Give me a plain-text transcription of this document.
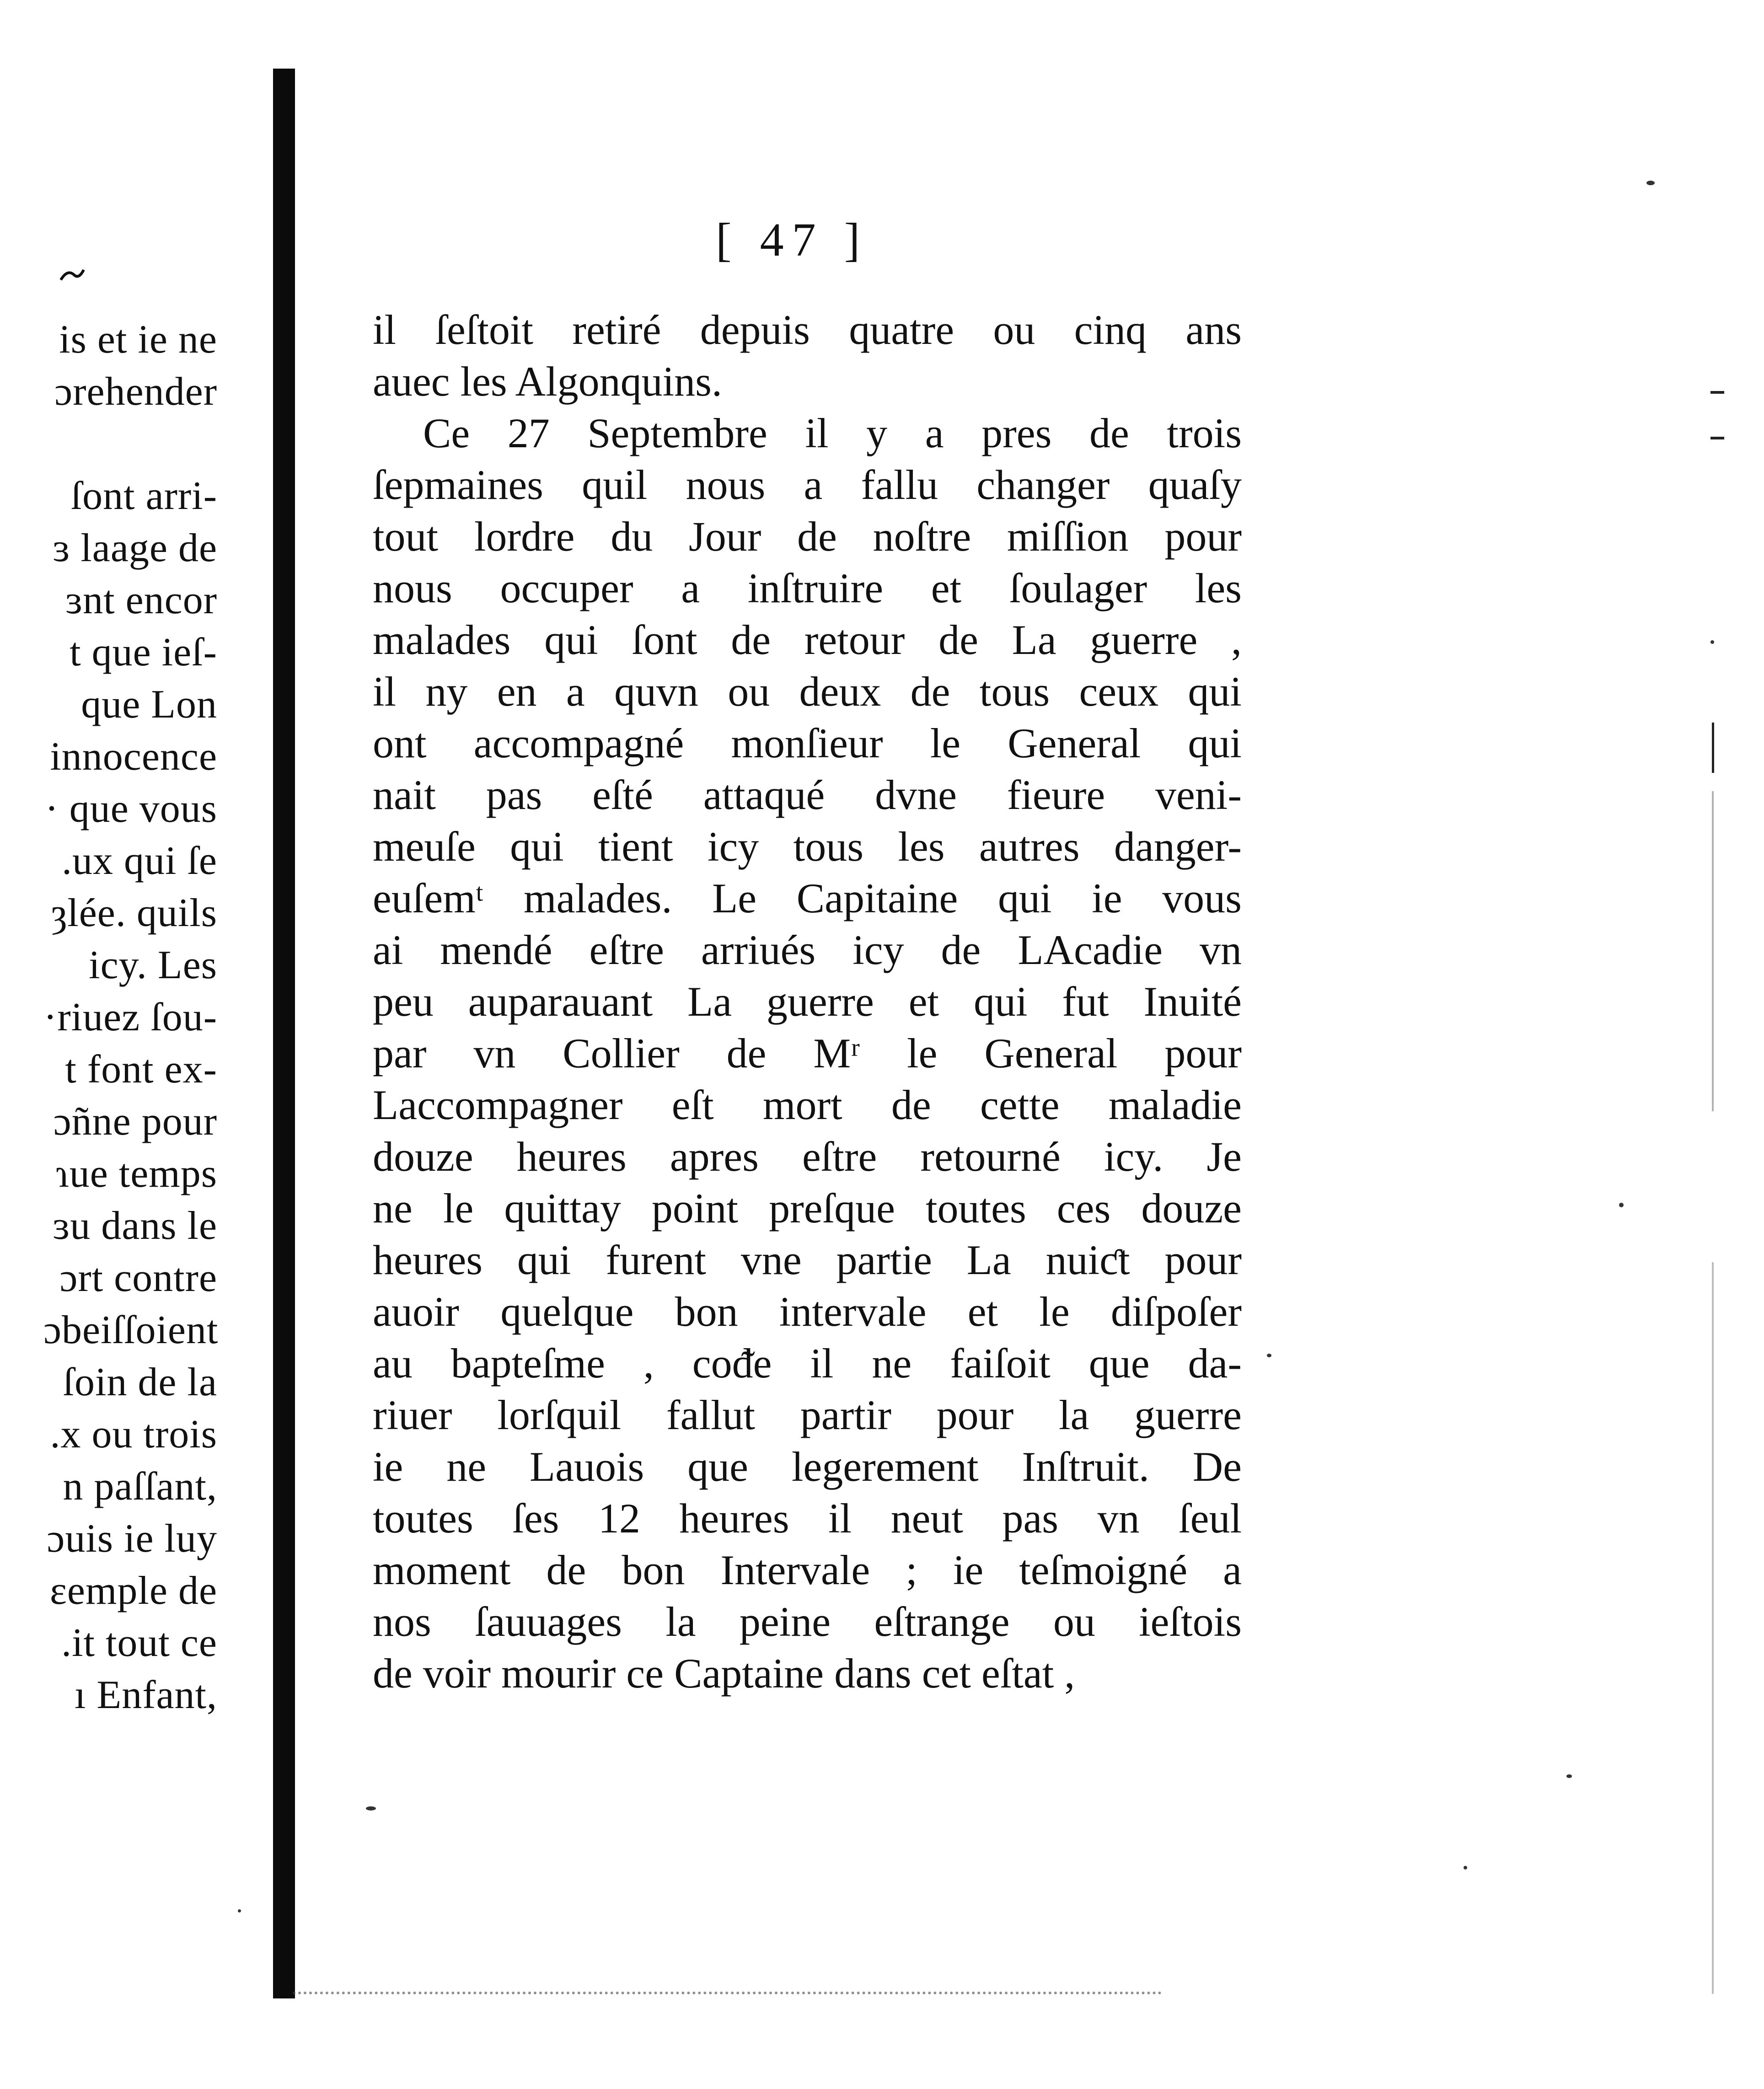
is et ie ne
ɔrehender
ſont arri-
ɜ laage de
ɜnt encor
t que ieſ-
que Lon
innocence
· que vous
.ux qui ſe
ȝlée. quils
icy. Les
·riuez ſou-
t font ex-
ɔñne pour
ɿue temps
ɜu dans le
ɔrt contre
ɔbeiſſoient
ſoin de la
.x ou trois
n paſſant,
ɔuis ie luy
ɛemple de
.it tout ce
ı Enfant,
[ 47 ]
il ſeſtoit retiré depuis quatre ou cinq ans
auec les Algonquins.
Ce 27 Septembre il y a pres de trois
ſepmaines quil nous a fallu changer quaſy
tout lordre du Jour de noſtre miſſion pour
nous occuper a inſtruire et ſoulager les
malades qui ſont de retour de La guerre ,
il ny en a quvn ou deux de tous ceux qui
ont accompagné monſieur le General qui
nait pas eſté attaqué dvne fieure veni-
meuſe qui tient icy tous les autres danger-
euſemᵗ malades. Le Capitaine qui ie vous
ai mendé eſtre arriués icy de LAcadie vn
peu auparauant La guerre et qui fut Inuité
par vn Collier de Mʳ le General pour
Laccompagner eſt mort de cette maladie
douze heures apres eſtre retourné icy. Je
ne le quittay point preſque toutes ces douze
heures qui furent vne partie La nuiƈt pour
auoir quelque bon intervale et le diſpoſer
au bapteſme , coᵭe il ne faiſoit que da-
riuer lorſquil fallut partir pour la guerre
ie ne Lauois que legerement Inſtruit. De
toutes ſes 12 heures il neut pas vn ſeul
moment de bon Intervale ; ie teſmoigné a
nos ſauuages la peine eſtrange ou ieſtois
de voir mourir ce Captaine dans cet eſtat ,
